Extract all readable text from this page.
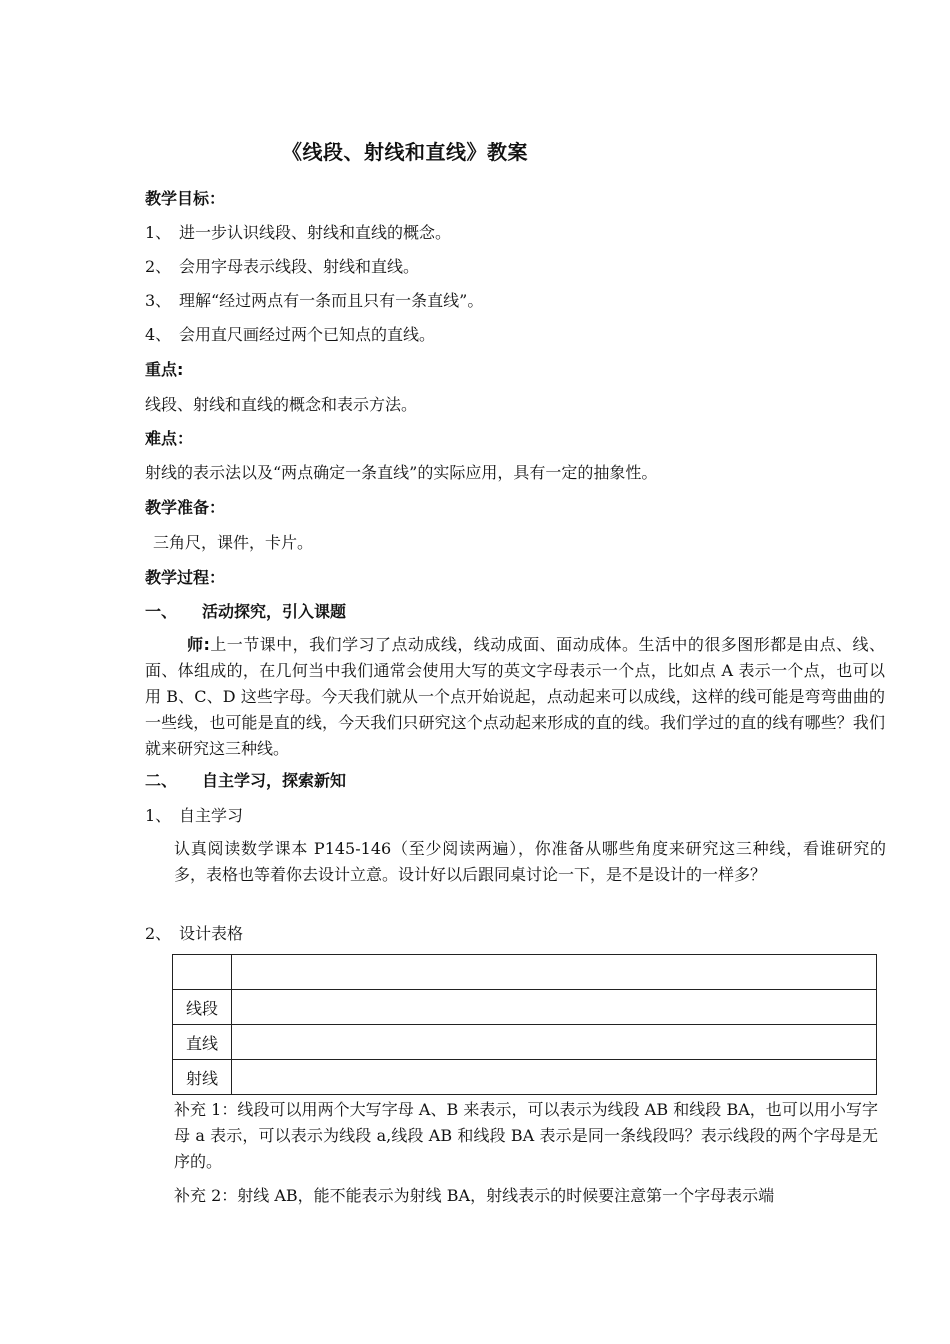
《线段、射线和直线》教案
教学目标：
1、 进一步认识线段、射线和直线的概念。
2、 会用字母表示线段、射线和直线。
3、 理解“经过两点有一条而且只有一条直线”。
4、 会用直尺画经过两个已知点的直线。
重点:
线段、射线和直线的概念和表示方法。
难点：
射线的表示法以及“两点确定一条直线”的实际应用，具有一定的抽象性。
教学准备：
三角尺，课件，卡片。
教学过程：
一、 活动探究，引入课题
师:上一节课中，我们学习了点动成线，线动成面、面动成体。生活中的很多图形都是由点、线、面、体组成的，在几何当中我们通常会使用大写的英文字母表示一个点，比如点 A 表示一个点，也可以用 B、C、D 这些字母。今天我们就从一个点开始说起，点动起来可以成线，这样的线可能是弯弯曲曲的一些线，也可能是直的线，今天我们只研究这个点动起来形成的直的线。我们学过的直的线有哪些？我们就来研究这三种线。
二、 自主学习，探索新知
1、 自主学习
认真阅读数学课本 P145-146（至少阅读两遍），你准备从哪些角度来研究这三种线，看谁研究的多，表格也等着你去设计立意。设计好以后跟同桌讨论一下，是不是设计的一样多？
2、 设计表格

线段	
直线	
射线	
补充 1：线段可以用两个大写字母 A、B 来表示，可以表示为线段 AB 和线段 BA，也可以用小写字母 a 表示，可以表示为线段 a,线段 AB 和线段 BA 表示是同一条线段吗？表示线段的两个字母是无序的。
补充 2：射线 AB，能不能表示为射线 BA，射线表示的时候要注意第一个字母表示端
